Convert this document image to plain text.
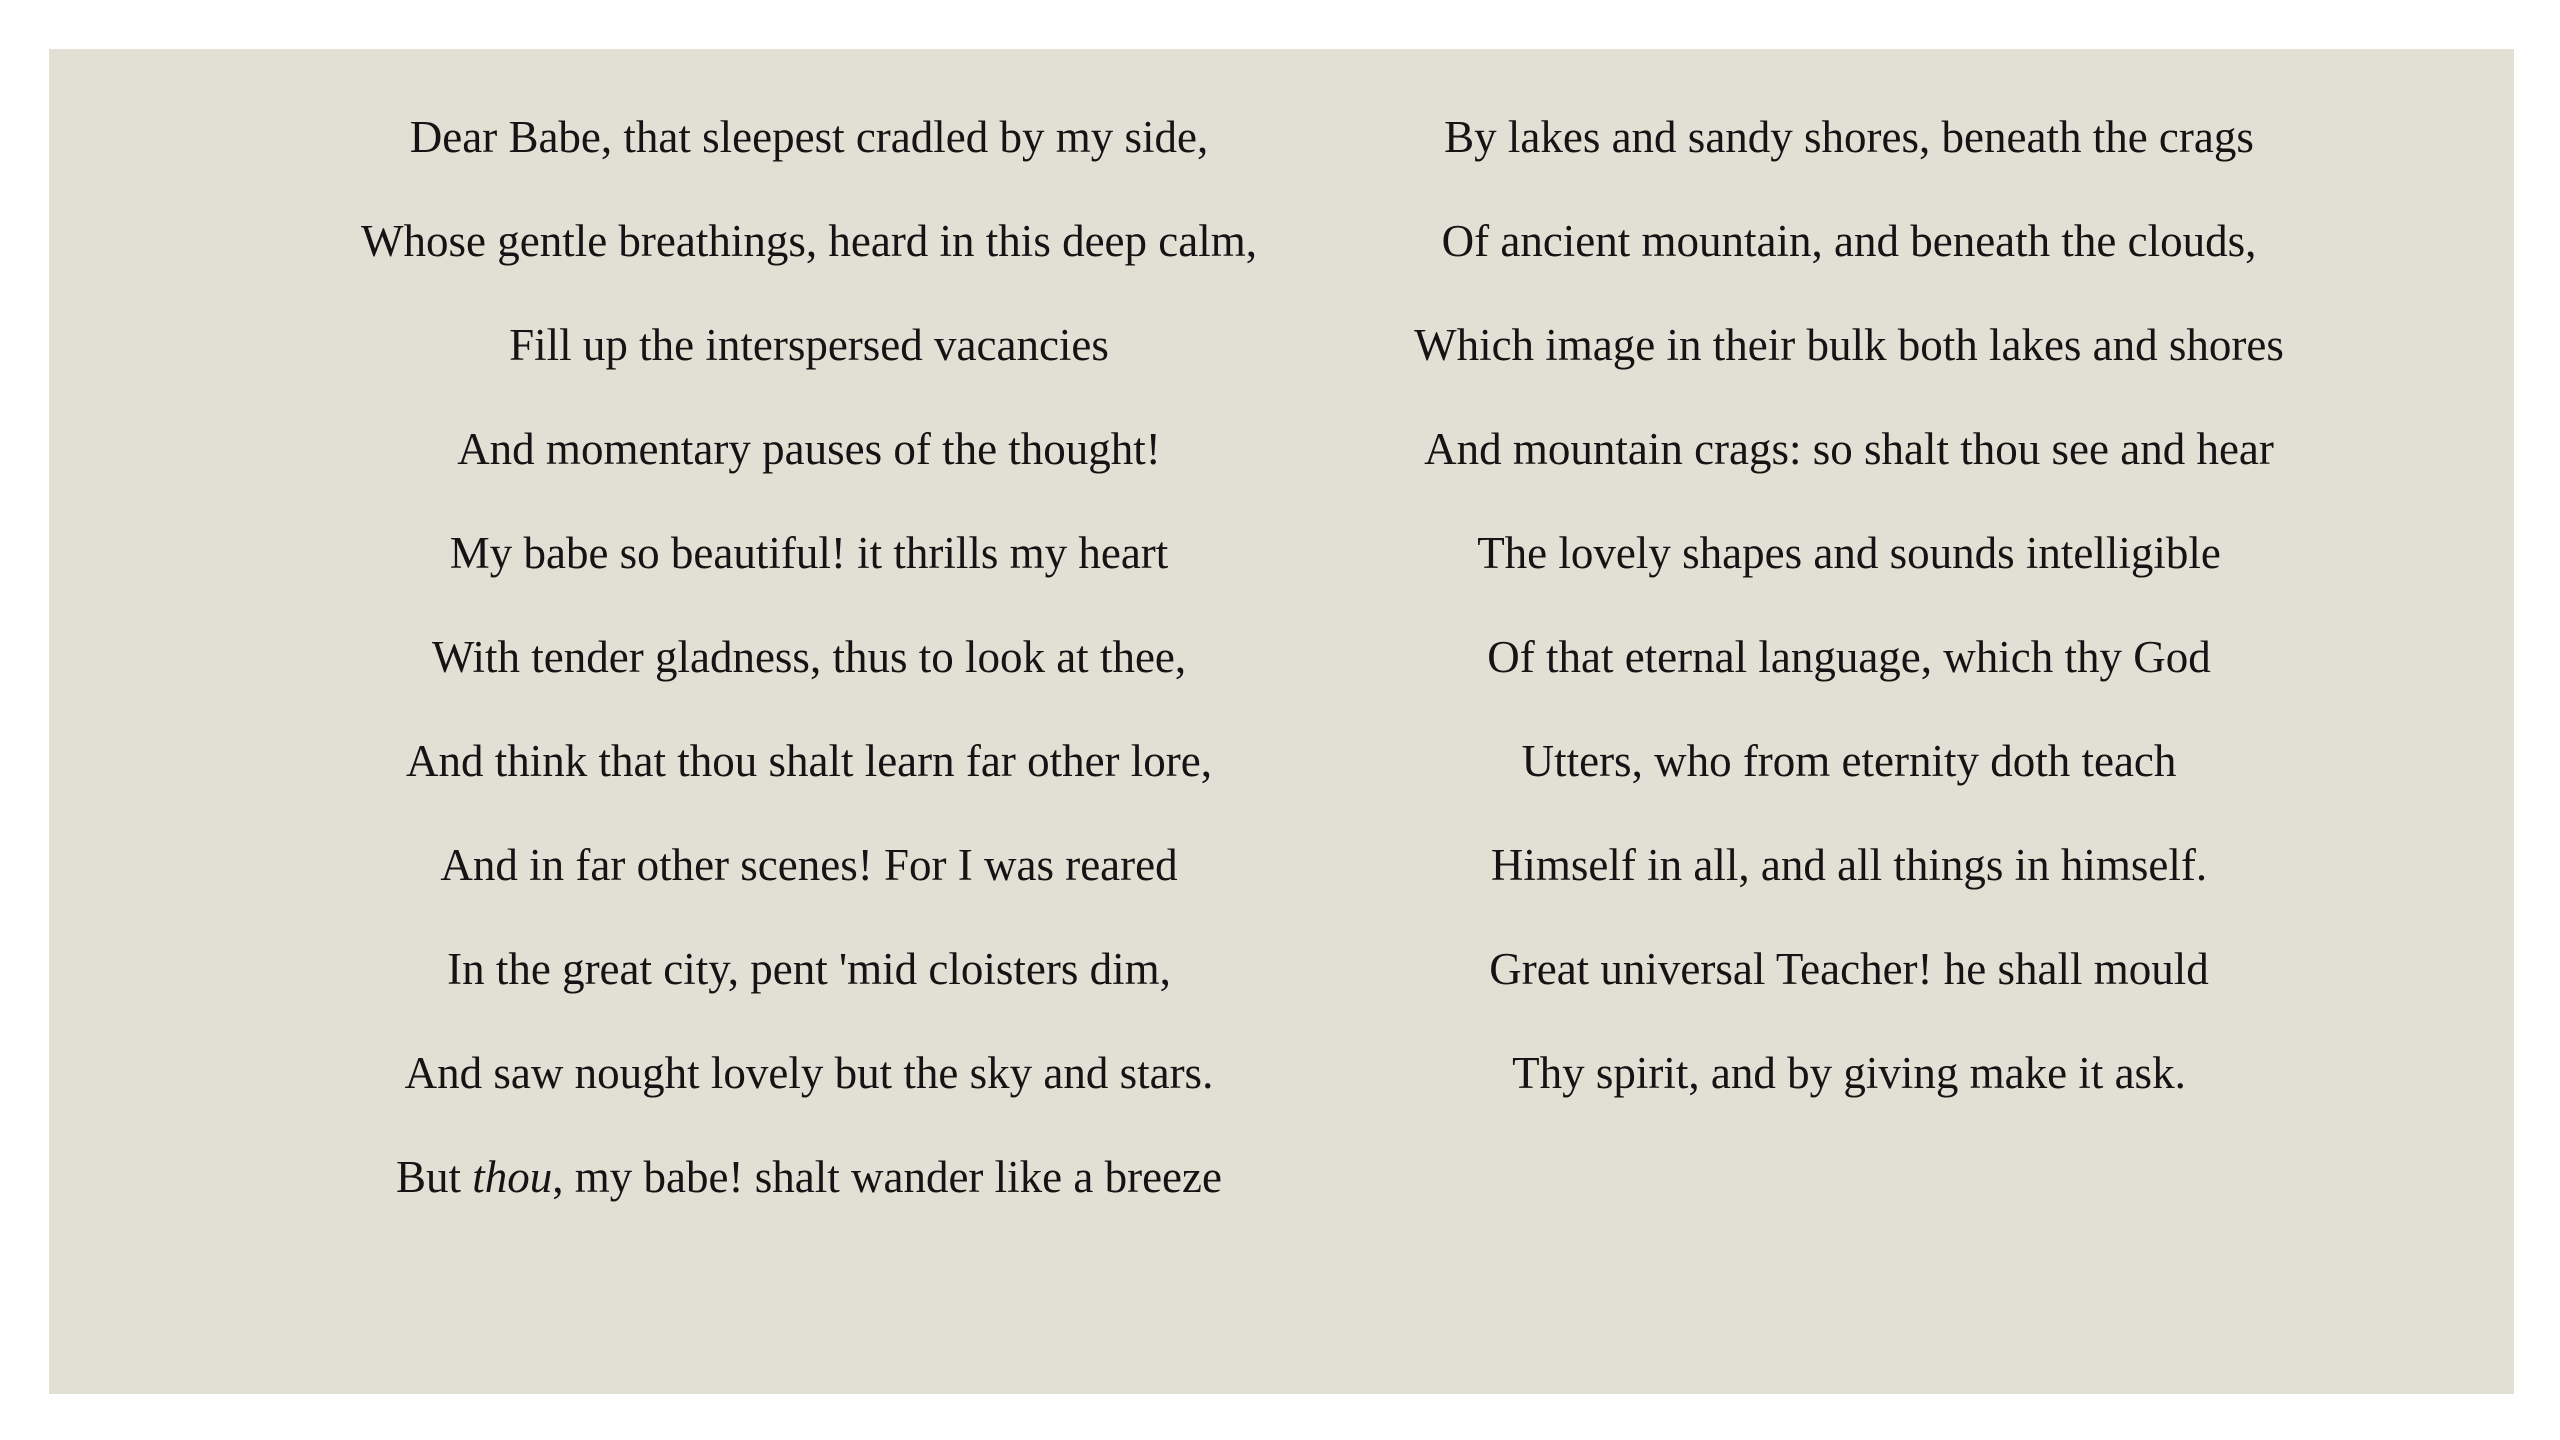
Dear Babe, that sleepest cradled by my side,
Whose gentle breathings, heard in this deep calm,
Fill up the interspersed vacancies
And momentary pauses of the thought!
My babe so beautiful! it thrills my heart
With tender gladness, thus to look at thee,
And think that thou shalt learn far other lore,
And in far other scenes! For I was reared
In the great city, pent 'mid cloisters dim,
And saw nought lovely but the sky and stars.
But thou, my babe! shalt wander like a breeze
By lakes and sandy shores, beneath the crags
Of ancient mountain, and beneath the clouds,
Which image in their bulk both lakes and shores
And mountain crags: so shalt thou see and hear
The lovely shapes and sounds intelligible
Of that eternal language, which thy God
Utters, who from eternity doth teach
Himself in all, and all things in himself.
Great universal Teacher! he shall mould
Thy spirit, and by giving make it ask.
